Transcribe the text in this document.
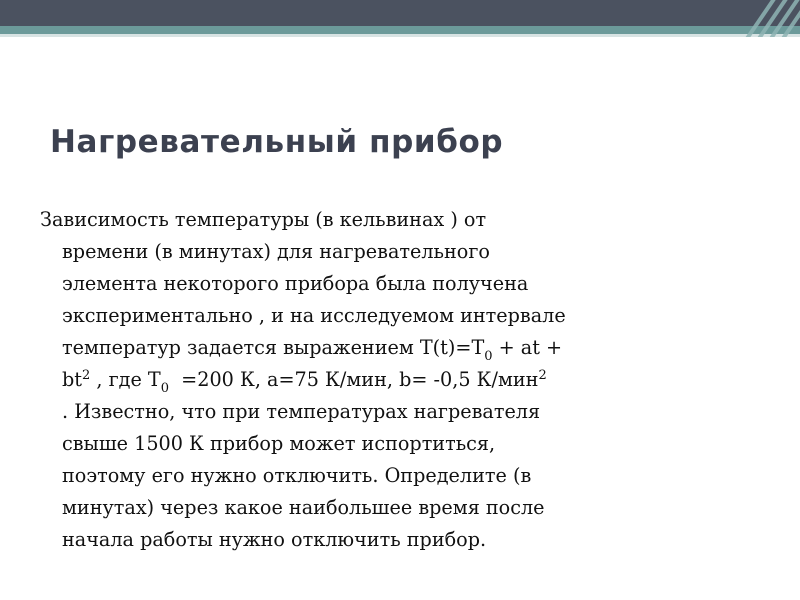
Нагревательный прибор
Зависимость температуры (в кельвинах ) от
времени (в минутах) для нагревательного
элемента некоторого прибора была получена
экспериментально , и на исследуемом интервале
температур задается выражением $T(t)=T_0$ + at +
$bt^2$ , где $T_0 =200$ К, a=75 К/мин, b= -0,5 К/мин$^2$
. Известно, что при температурах нагревателя
свыше 1500 К прибор может испортиться,
поэтому его нужно отключить. Определите (в
минутах) через какое наибольшее время после
начала работы нужно отключить прибор.
